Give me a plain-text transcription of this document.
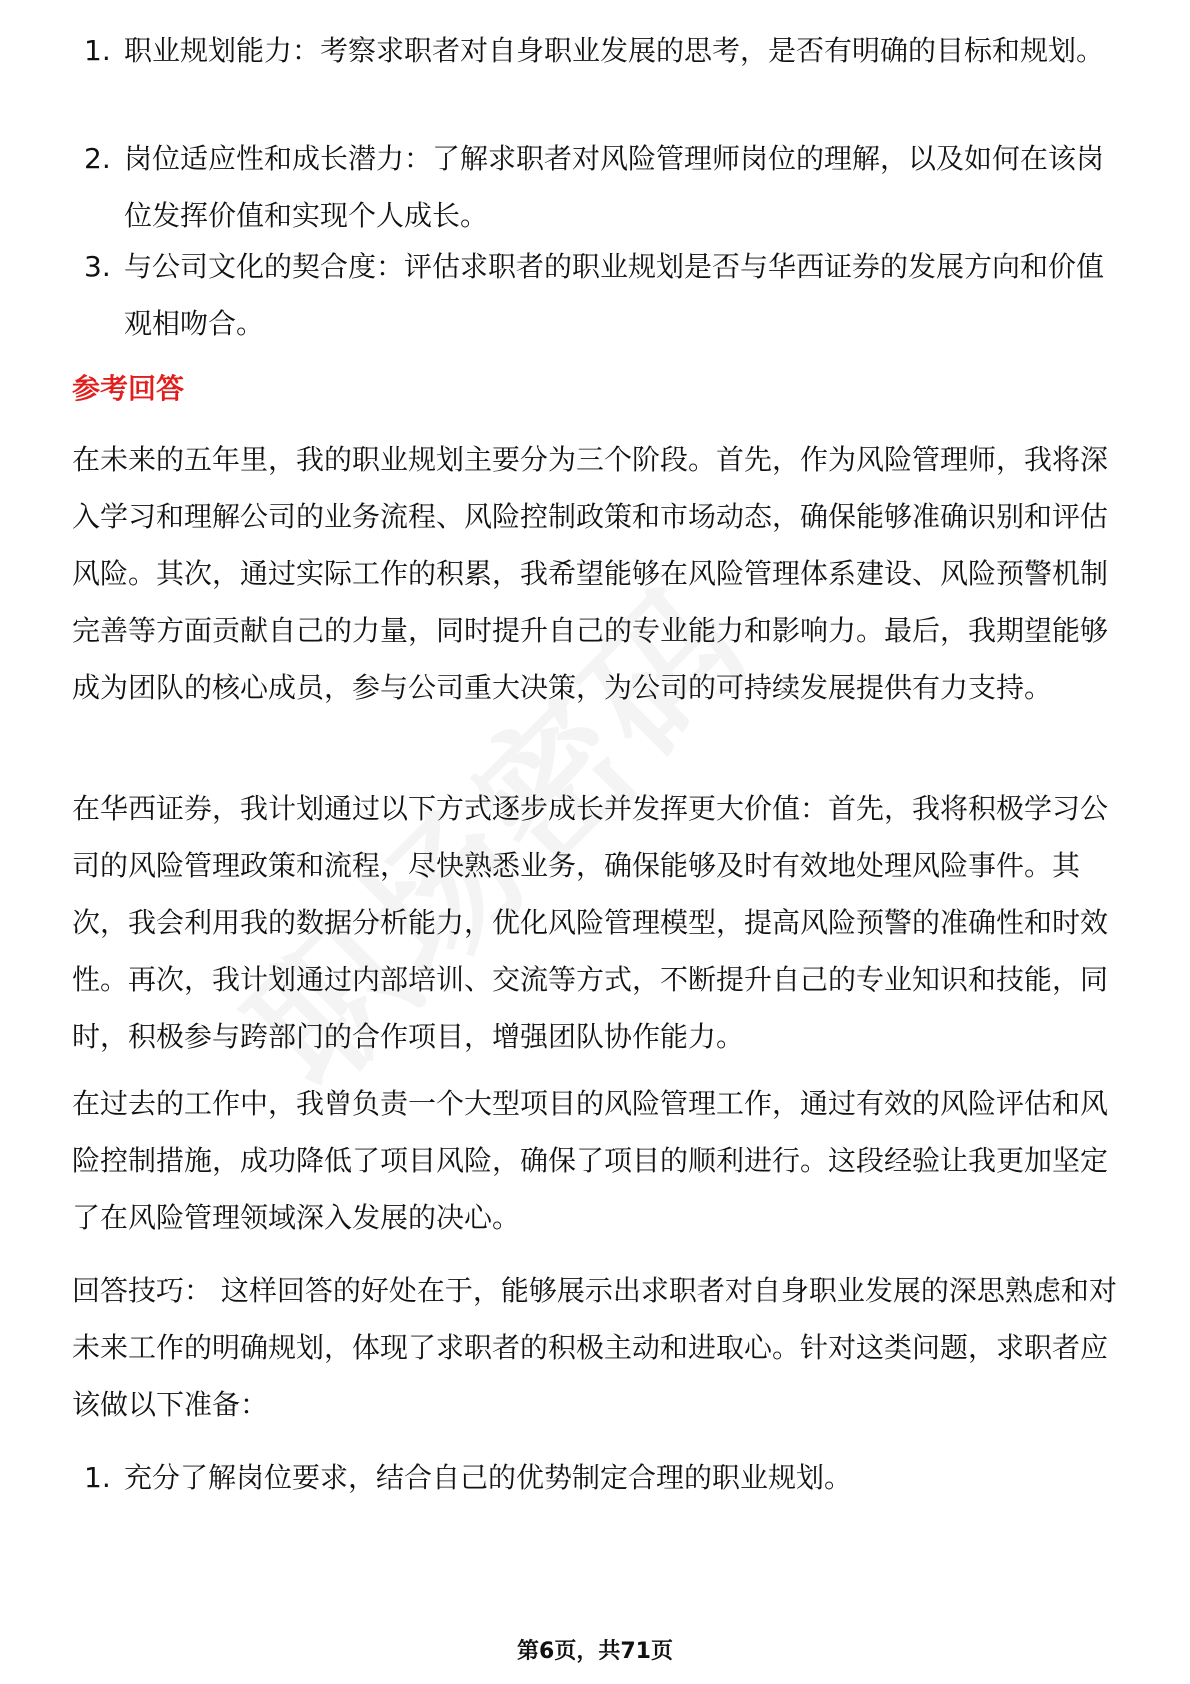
1. 职业规划能力：考察求职者对自身职业发展的思考，是否有明确的目标和规划。
2. 岗位适应性和成长潜力：了解求职者对风险管理师岗位的理解，以及如何在该岗位发挥价值和实现个人成长。
3. 与公司文化的契合度：评估求职者的职业规划是否与华西证券的发展方向和价值观相吻合。
参考回答
在未来的五年里，我的职业规划主要分为三个阶段。首先，作为风险管理师，我将深入学习和理解公司的业务流程、风险控制政策和市场动态，确保能够准确识别和评估风险。其次，通过实际工作的积累，我希望能够在风险管理体系建设、风险预警机制完善等方面贡献自己的力量，同时提升自己的专业能力和影响力。最后，我期望能够成为团队的核心成员，参与公司重大决策，为公司的可持续发展提供有力支持。
在华西证券，我计划通过以下方式逐步成长并发挥更大价值：首先，我将积极学习公司的风险管理政策和流程，尽快熟悉业务，确保能够及时有效地处理风险事件。其次，我会利用我的数据分析能力，优化风险管理模型，提高风险预警的准确性和时效性。再次，我计划通过内部培训、交流等方式，不断提升自己的专业知识和技能，同时，积极参与跨部门的合作项目，增强团队协作能力。
在过去的工作中，我曾负责一个大型项目的风险管理工作，通过有效的风险评估和风险控制措施，成功降低了项目风险，确保了项目的顺利进行。这段经验让我更加坚定了在风险管理领域深入发展的决心。
回答技巧： 这样回答的好处在于，能够展示出求职者对自身职业发展的深思熟虑和对未来工作的明确规划，体现了求职者的积极主动和进取心。针对这类问题，求职者应该做以下准备：
1. 充分了解岗位要求，结合自己的优势制定合理的职业规划。
第6页，共71页
